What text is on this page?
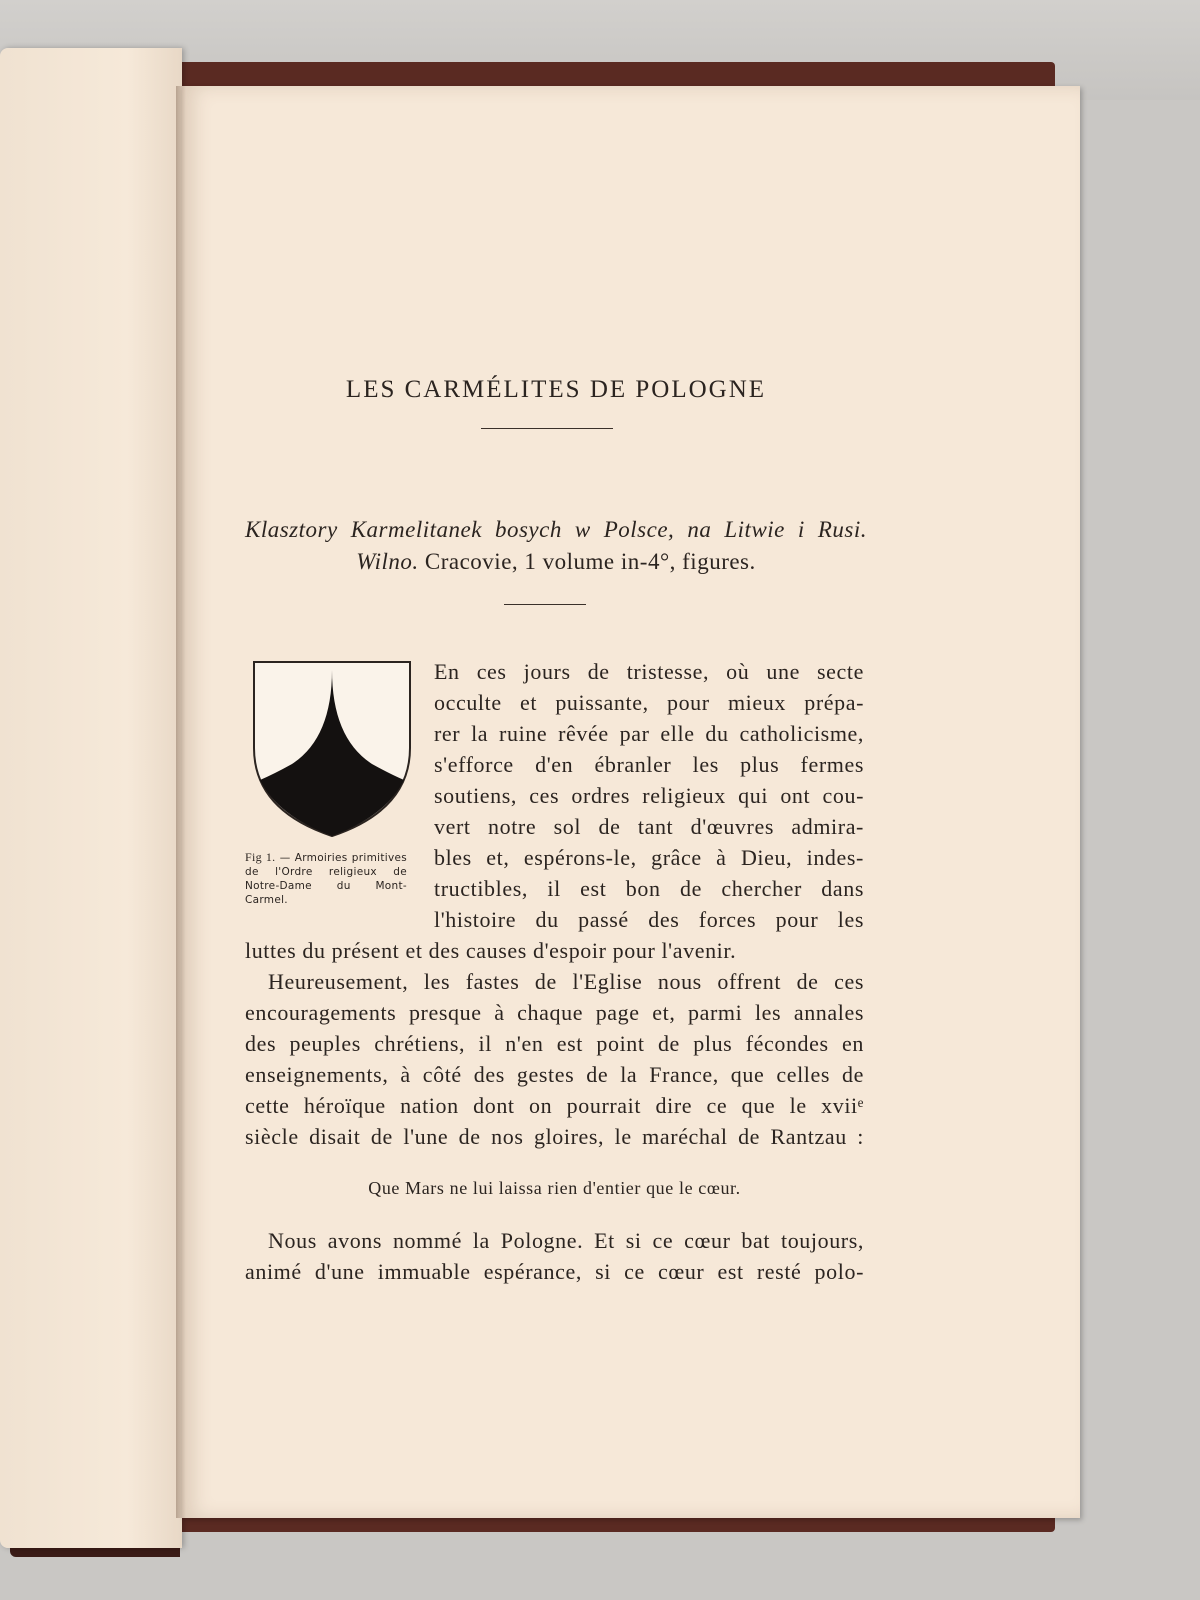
LES CARMÉLITES DE POLOGNE
Klasztory Karmelitanek bosych w Polsce, na Litwie i Rusi.
Wilno. Cracovie, 1 volume in-4°, figures.
Fig 1. — Armoiries primitives de l'Ordre religieux de Notre-Dame du Mont-Carmel.
En ces jours de tristesse, où une secte
occulte et puissante, pour mieux prépa-
rer la ruine rêvée par elle du catholicisme,
s'efforce d'en ébranler les plus fermes
soutiens, ces ordres religieux qui ont cou-
vert notre sol de tant d'œuvres admira-
bles et, espérons-le, grâce à Dieu, indes-
tructibles, il est bon de chercher dans
l'histoire du passé des forces pour les
luttes du présent et des causes d'espoir pour l'avenir.
Heureusement, les fastes de l'Eglise nous offrent de ces
encouragements presque à chaque page et, parmi les annales
des peuples chrétiens, il n'en est point de plus fécondes en
enseignements, à côté des gestes de la France, que celles de
cette héroïque nation dont on pourrait dire ce que le xviiᵉ
siècle disait de l'une de nos gloires, le maréchal de Rantzau :
Que Mars ne lui laissa rien d'entier que le cœur.
Nous avons nommé la Pologne. Et si ce cœur bat toujours,
animé d'une immuable espérance, si ce cœur est resté polo-
